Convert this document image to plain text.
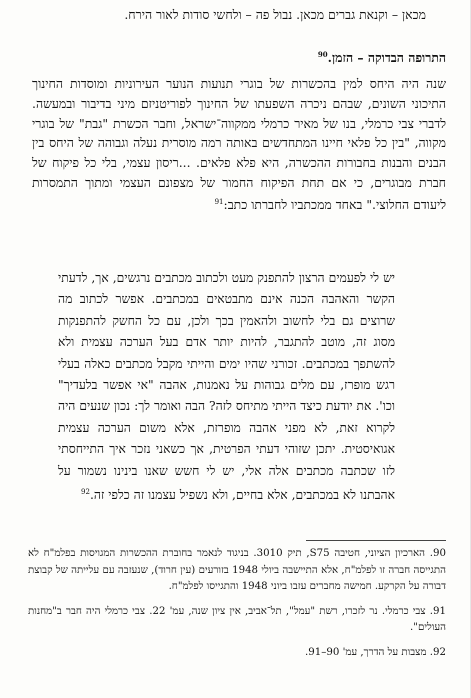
מכאן – וקנאת גברים מכאן. נבול פה – ולחשי סודות לאור הירח.
התרופה הבדוקה – הזמן.$^{90}$

שנה היה היחס למין בהכשרות של בוגרי תנועות הנוער העירוניות ומוסדות החינוך התיכוני השונים, שבהם ניכרה השפעתו של החינוך לפוריטניזם מיני בדיבור ובמעשה. לדברי צבי כרמלי, בנו של מאיר כרמלי ממקווה־ישראל, וחבר הכשרת "גבת" של בוגרי מקווה, "בין כל פלאי חיינו המתחדשים באותה רמה מוסרית נעלה וגבוהה של היחס בין הבנים והבנות בחבורות ההכשרה, היא פלא פלאים. ...ריסון עצמי, בלי כל פיקוח של חברת מבוגרים, כי אם תחת הפיקוח החמור של מצפונם העצמי ומתוך התמסרות ליעודם החלוצי." באחד ממכתביו לחברתו כתב:$^{91}$

יש לי לפעמים הרצון להתפנק מעט ולכתוב מכתבים נרגשים, אך, לדעתי הקשר והאהבה הכנה אינם מתבטאים במכתבים. אפשר לכתוב מה שרוצים גם בלי לחשוב ולהאמין בכך ולכן, עם כל החשק להתפנקות מסוג זה, מוטב להתגבר, להיות יותר אדם בעל הערכה עצמית ולא להשתפך במכתבים. זכורני שהיו ימים והייתי מקבל מכתבים כאלה בעלי רגש מופרז, עם מלים גבוהות על נאמנות, אהבה "אי אפשר בלעדיך" וכו'. את יודעת כיצד הייתי מתיחס לזה? הבה ואומר לך: נכון שנעים היה לקרוא זאת, לא מפני אהבה מופרזת, אלא משום הערכה עצמית אגואיסטית. יתכן שזוהי דעתי הפרטית, אך כשאני נזכר איך התייחסתי לזו שכתבה מכתבים אלה אלי, יש לי חשש שאנו בינינו נשמור על אהבתנו לא במכתבים, אלא בחיים, ולא נשפיל עצמנו זה כלפי זה.$^{92}$

90. הארכיון הציוני, חטיבה S75, תיק 3010. בניגוד לנאמר בחוברת ההכשרות המגויסות בפלמ"ח לא התגייסה חברה זו לפלמ"ח, אלא התיישבה ביולי 1948 בזורעים (עין חרוד), שנעזבה עם עלייתה של קבוצת דבורה על הקרקע. חמישה מחברים עזבו ביוני 1948 והתגייסו לפלמ"ח.

91. צבי כרמלי. נר לזכרו, רשת "עמל", תל־אביב, אין ציון שנה, עמ' 22. צבי כרמלי היה חבר ב"מחנות העולים".

92. מצבות על הדרך, עמ' 90–91.
